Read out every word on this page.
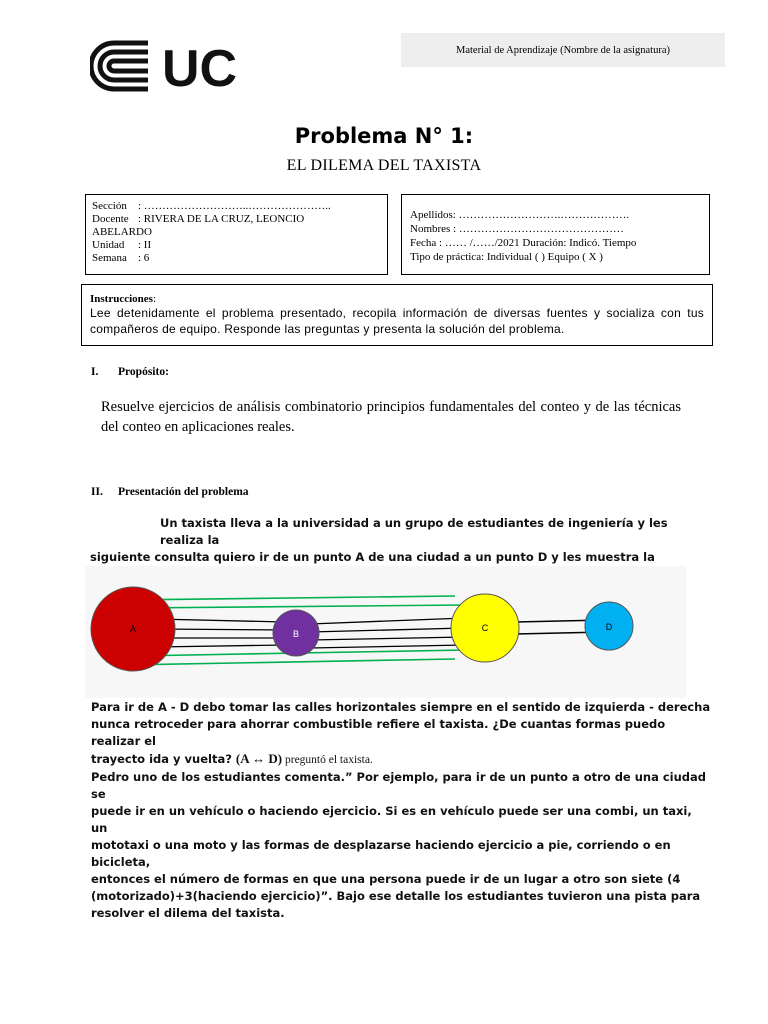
UC	Material de Aprendizaje (Nombre de la asignatura)
Problema N° 1:
EL DILEMA DEL TAXISTA
Sección	: ………………………..…………………..
Docente : RIVERA DE LA CRUZ, LEONCIO
ABELARDO
Unidad	: II
Semana	: 6
Apellidos: ……………………….……………….
Nombres : ………………………………………
Fecha : …… /……/2021 Duración: Indicó. Tiempo
Tipo de práctica: Individual ( ) Equipo ( X )
Instrucciones:
Lee detenidamente el problema presentado, recopila información de diversas fuentes y socializa con tus compañeros de equipo. Responde las preguntas y presenta la solución del problema.
I. Propósito:
Resuelve ejercicios de análisis combinatorio principios fundamentales del conteo y de las técnicas del conteo en aplicaciones reales.
II. Presentación del problema
Un taxista lleva a la universidad a un grupo de estudiantes de ingeniería y les realiza la
siguiente consulta quiero ir de un punto A de una ciudad a un punto D y les muestra la
A	B
C	D
Para ir de A - D debo tomar las calles horizontales siempre en el sentido de izquierda - derecha
nunca retroceder para ahorrar combustible refiere el taxista. ¿De cuantas formas puedo realizar el
trayecto ida y vuelta? (A ↔ D) preguntó el taxista.
Pedro uno de los estudiantes comenta.” Por ejemplo, para ir de un punto a otro de una ciudad se
puede ir en un vehículo o haciendo ejercicio. Si es en vehículo puede ser una combi, un taxi, un
mototaxi o una moto y las formas de desplazarse haciendo ejercicio a pie, corriendo o en bicicleta,
entonces el número de formas en que una persona puede ir de un lugar a otro son siete (4
(motorizado)+3(haciendo ejercicio)”. Bajo ese detalle los estudiantes tuvieron una pista para
resolver el dilema del taxista.
